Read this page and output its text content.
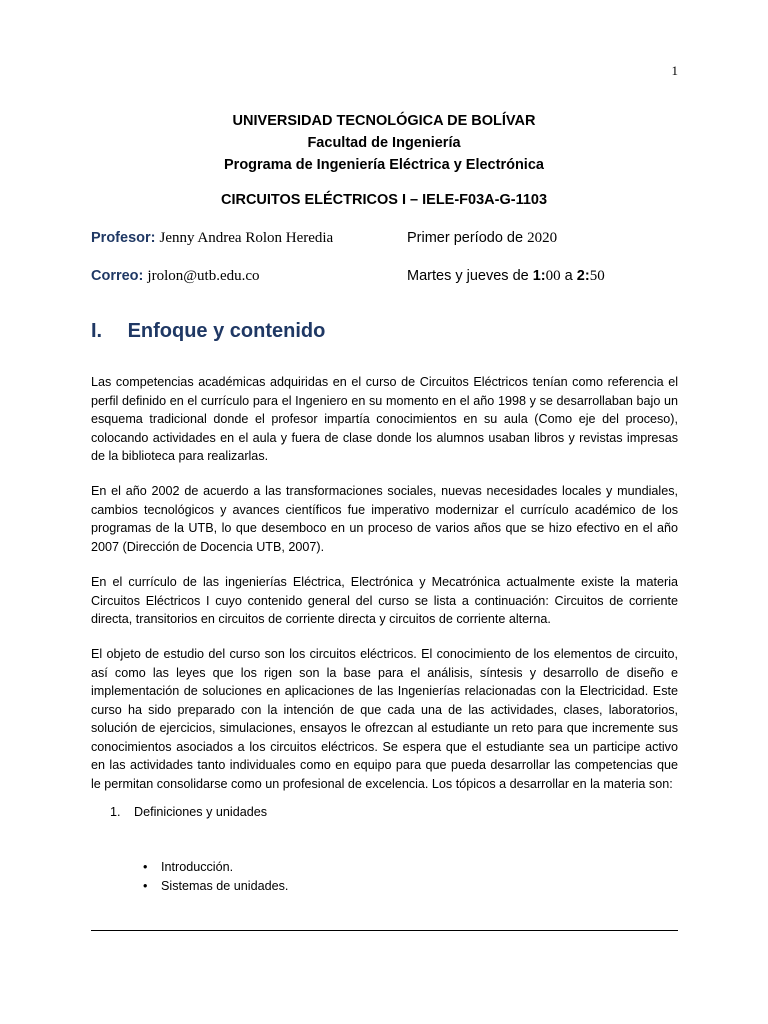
1
UNIVERSIDAD TECNOLÓGICA DE BOLÍVAR
Facultad de Ingeniería
Programa de Ingeniería Eléctrica y Electrónica
CIRCUITOS ELÉCTRICOS I – IELE-F03A-G-1103
Profesor: Jenny Andrea Rolon Heredia	Primer período de 2020
Correo: jrolon@utb.edu.co	Martes y jueves de 1:00 a 2:50
I. Enfoque y contenido

Las competencias académicas adquiridas en el curso de Circuitos Eléctricos tenían como referencia el perfil definido en el currículo para el Ingeniero en su momento en el año 1998 y se desarrollaban bajo un esquema tradicional donde el profesor impartía conocimientos en su aula (Como eje del proceso), colocando actividades en el aula y fuera de clase donde los alumnos usaban libros y revistas impresas de la biblioteca para realizarlas.

En el año 2002 de acuerdo a las transformaciones sociales, nuevas necesidades locales y mundiales, cambios tecnológicos y avances científicos fue imperativo modernizar el currículo académico de los programas de la UTB, lo que desemboco en un proceso de varios años que se hizo efectivo en el año 2007 (Dirección de Docencia UTB, 2007).

En el currículo de las ingenierías Eléctrica, Electrónica y Mecatrónica actualmente existe la materia Circuitos Eléctricos I cuyo contenido general del curso se lista a continuación: Circuitos de corriente directa, transitorios en circuitos de corriente directa y circuitos de corriente alterna.

El objeto de estudio del curso son los circuitos eléctricos. El conocimiento de los elementos de circuito, así como las leyes que los rigen son la base para el análisis, síntesis y desarrollo de diseño e implementación de soluciones en aplicaciones de las Ingenierías relacionadas con la Electricidad. Este curso ha sido preparado con la intención de que cada una de las actividades, clases, laboratorios, solución de ejercicios, simulaciones, ensayos le ofrezcan al estudiante un reto para que incremente sus conocimientos asociados a los circuitos eléctricos. Se espera que el estudiante sea un participe activo en las actividades tanto individuales como en equipo para que pueda desarrollar las competencias que le permitan consolidarse como un profesional de excelencia. Los tópicos a desarrollar en la materia son:

1. Definiciones y unidades
• Introducción.
• Sistemas de unidades.
